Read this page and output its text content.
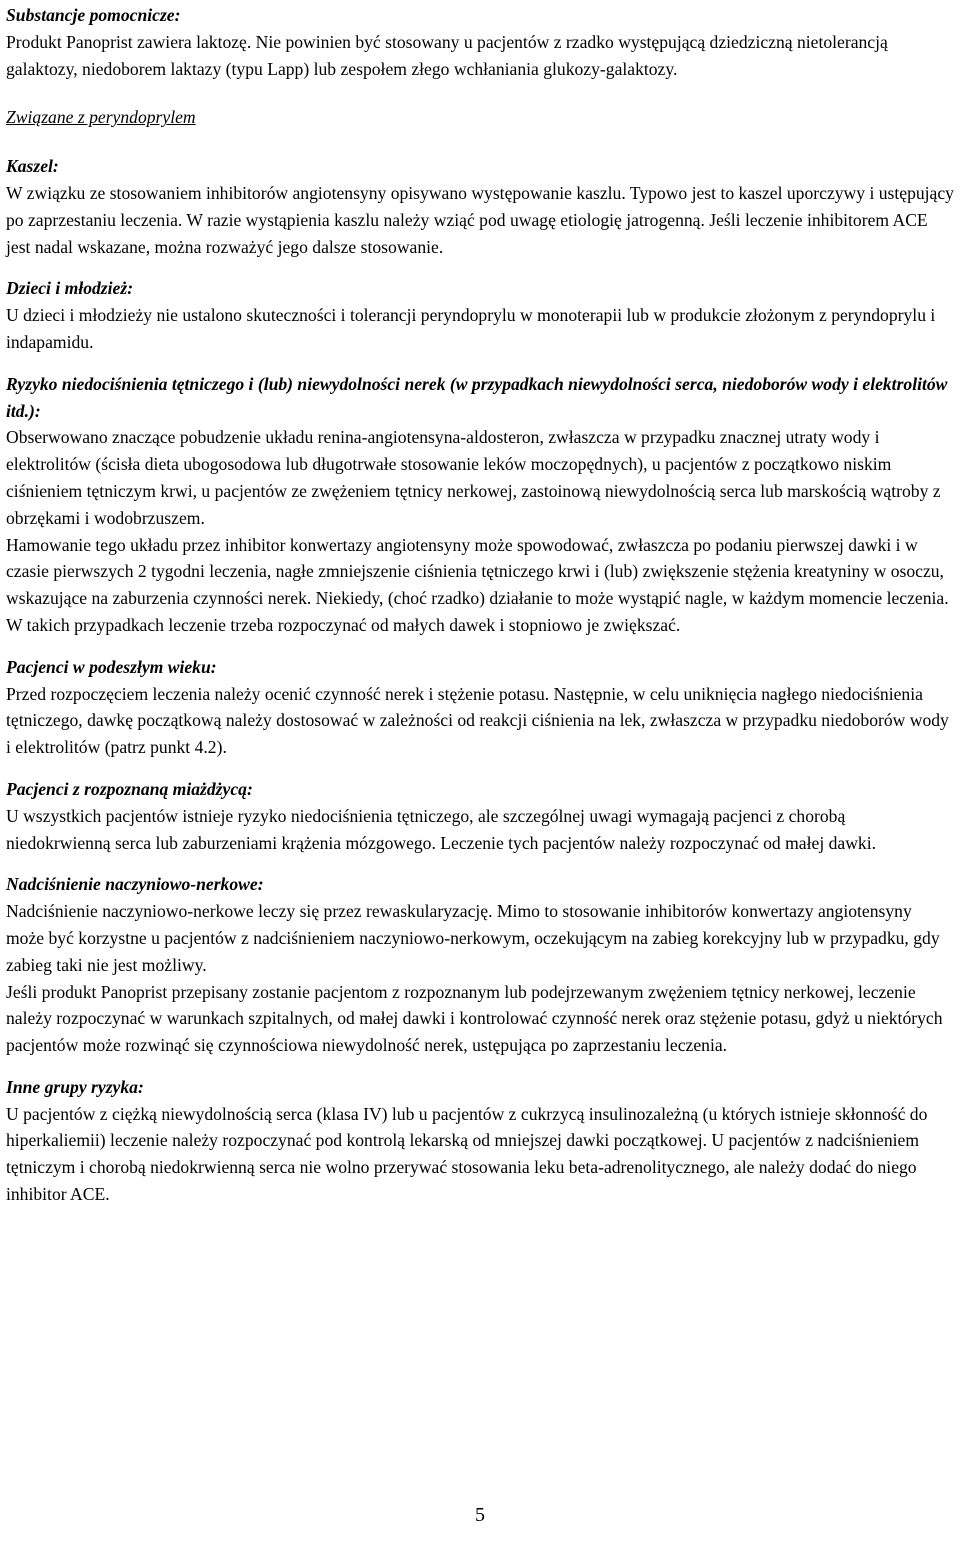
Substancje pomocnicze:

Produkt Panoprist zawiera laktozę. Nie powinien być stosowany u pacjentów z rzadko występującą dziedziczną nietolerancją galaktozy, niedoborem laktazy (typu Lapp) lub zespołem złego wchłaniania glukozy-galaktozy.

Związane z peryndoprylem

Kaszel:

W związku ze stosowaniem inhibitorów angiotensyny opisywano występowanie kaszlu. Typowo jest to kaszel uporczywy i ustępujący po zaprzestaniu leczenia. W razie wystąpienia kaszlu należy wziąć pod uwagę etiologię jatrogenną. Jeśli leczenie inhibitorem ACE jest nadal wskazane, można rozważyć jego dalsze stosowanie.

Dzieci i młodzież:

U dzieci i młodzieży nie ustalono skuteczności i tolerancji peryndoprylu w monoterapii lub w produkcie złożonym z peryndoprylu i indapamidu.

Ryzyko niedociśnienia tętniczego i (lub) niewydolności nerek (w przypadkach niewydolności serca, niedoborów wody i elektrolitów itd.):

Obserwowano znaczące pobudzenie układu renina-angiotensyna-aldosteron, zwłaszcza w przypadku znacznej utraty wody i elektrolitów (ścisła dieta ubogosodowa lub długotrwałe stosowanie leków moczopędnych), u pacjentów z początkowo niskim ciśnieniem tętniczym krwi, u pacjentów ze zwężeniem tętnicy nerkowej, zastoinową niewydolnością serca lub marskością wątroby z obrzękami i wodobrzuszem.

Hamowanie tego układu przez inhibitor konwertazy angiotensyny może spowodować, zwłaszcza po podaniu pierwszej dawki i w czasie pierwszych 2 tygodni leczenia, nagłe zmniejszenie ciśnienia tętniczego krwi i (lub) zwiększenie stężenia kreatyniny w osoczu, wskazujące na zaburzenia czynności nerek. Niekiedy, (choć rzadko) działanie to może wystąpić nagle, w każdym momencie leczenia.

W takich przypadkach leczenie trzeba rozpoczynać od małych dawek i stopniowo je zwiększać.

Pacjenci w podeszłym wieku:

Przed rozpoczęciem leczenia należy ocenić czynność nerek i stężenie potasu. Następnie, w celu uniknięcia nagłego niedociśnienia tętniczego, dawkę początkową należy dostosować w zależności od reakcji ciśnienia na lek, zwłaszcza w przypadku niedoborów wody i elektrolitów (patrz punkt 4.2).

Pacjenci z rozpoznaną miażdżycą:

U wszystkich pacjentów istnieje ryzyko niedociśnienia tętniczego, ale szczególnej uwagi wymagają pacjenci z chorobą niedokrwienną serca lub zaburzeniami krążenia mózgowego. Leczenie tych pacjentów należy rozpoczynać od małej dawki.

Nadciśnienie naczyniowo-nerkowe:

Nadciśnienie naczyniowo-nerkowe leczy się przez rewaskularyzację. Mimo to stosowanie inhibitorów konwertazy angiotensyny może być korzystne u pacjentów z nadciśnieniem naczyniowo-nerkowym, oczekującym na zabieg korekcyjny lub w przypadku, gdy zabieg taki nie jest możliwy.

Jeśli produkt Panoprist przepisany zostanie pacjentom z rozpoznanym lub podejrzewanym zwężeniem tętnicy nerkowej, leczenie należy rozpoczynać w warunkach szpitalnych, od małej dawki i kontrolować czynność nerek oraz stężenie potasu, gdyż u niektórych pacjentów może rozwinąć się czynnościowa niewydolność nerek, ustępująca po zaprzestaniu leczenia.

Inne grupy ryzyka:

U pacjentów z ciężką niewydolnością serca (klasa IV) lub u pacjentów z cukrzycą insulinozależną (u których istnieje skłonność do hiperkaliemii) leczenie należy rozpoczynać pod kontrolą lekarską od mniejszej dawki początkowej. U pacjentów z nadciśnieniem tętniczym i chorobą niedokrwienną serca nie wolno przerywać stosowania leku beta-adrenolitycznego, ale należy dodać do niego inhibitor ACE.

5
